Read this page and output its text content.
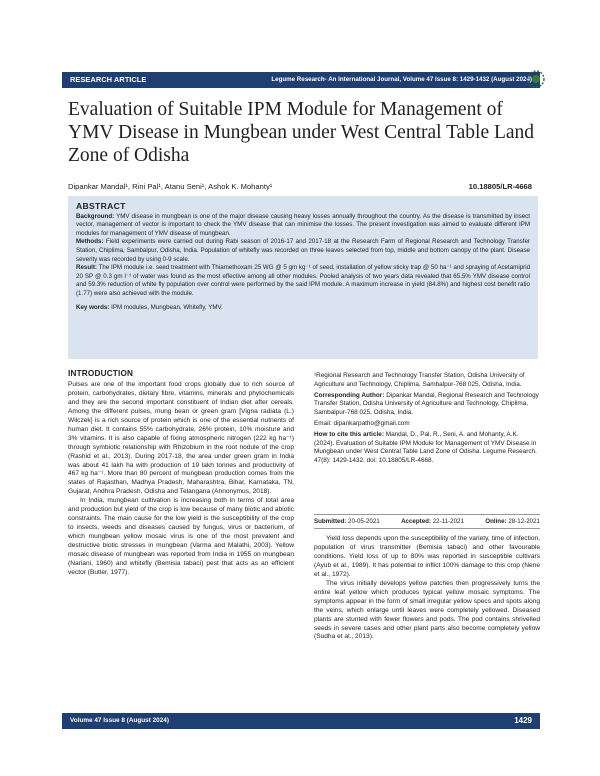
RESEARCH ARTICLE	Legume Research- An International Journal, Volume 47 Issue 8: 1429-1432 (August 2024)
Evaluation of Suitable IPM Module for Management of YMV Disease in Mungbean under West Central Table Land Zone of Odisha
Dipankar Mandal¹, Rini Pal¹, Atanu Seni¹, Ashok K. Mohanty¹	10.18805/LR-4668
ABSTRACT

Background: YMV disease in mungbean is one of the major disease causing heavy losses annually throughout the country. As the disease is transmitted by insect vector, management of vector is important to check the YMV disease that can minimise the losses. The present investigation was aimed to evaluate different IPM modules for management of YMV disease of mungbean.

Methods: Field experiments were carried out during Rabi season of 2016-17 and 2017-18 at the Research Farm of Regional Research and Technology Transfer Station, Chiplima, Sambalpur, Odisha, India. Population of whitefly was recorded on three leaves selected from top, middle and bottom canopy of the plant. Disease severity was recorded by using 0-9 scale.

Result: The IPM module i.e. seed treatment with Thiamethoxam 25 WG @ 5 gm kg⁻¹ of seed, installation of yellow sticky trap @ 50 ha⁻¹ and spraying of Acetamiprid 20 SP @ 0.3 gm l⁻¹ of water was found as the most effective among all other modules. Pooled analysis of two years data revealed that 65.5% YMV disease control and 59.3% reduction of white fly population over control were performed by the said IPM module. A maximum increase in yield (84.8%) and highest cost benefit ratio (1.77) were also achieved with the module.

Key words: IPM modules, Mungbean, Whitefly, YMV.

INTRODUCTION

Pulses are one of the important food crops globally due to rich source of protein, carbohydrates, dietary fibre, vitamins, minerals and phytochemicals and they are the second important constituent of Indian diet after cereals. Among the different pulses, mung bean or green gram [Vigna radiata (L.) Wilczek] is a rich source of protein which is one of the essential nutrients of human diet. It contains 55% carbohydrate, 26% protein, 10% moisture and 3% vitamins. It is also capable of fixing atmospheric nitrogen (222 kg ha⁻¹) through symbiotic relationship with Rhizobium in the root nodule of the crop (Rashid et al., 2013). During 2017-18, the area under green gram in India was about 41 lakh ha with production of 19 lakh tonnes and productivity of 467 kg ha⁻¹. More than 80 percent of mungbean production comes from the states of Rajasthan, Madhya Pradesh, Maharashtra, Bihar, Karnataka, TN, Gujarat, Andhra Pradesh, Odisha and Telangana (Annonymus, 2018).

In India, mungbean cultivation is increasing both in terms of total area and production but yield of the crop is low because of many biotic and abiotic constraints. The main cause for the low yield is the susceptibility of the crop to insects, weeds and diseases caused by fungus, virus or bacterium, of which mungbean yellow mosaic virus is one of the most prevalent and destructive biotic stresses in mungbean (Varma and Malathi, 2003). Yellow mosaic disease of mungbean was reported from India in 1955 on mungbean (Nariani, 1960) and whitefly (Bemisia tabaci) pest that acts as an efficient vector (Butler, 1977).

¹Regional Research and Technology Transfer Station, Odisha University of Agriculture and Technology, Chiplima, Sambalpur-768 025, Odisha, India.

Corresponding Author: Dipankar Mandal, Regional Research and Technology Transfer Station, Odisha University of Agriculture and Technology, Chiplima, Sambalpur-768 025, Odisha, India.

Email: dipankarpatho@gmail.com

How to cite this article: Mandal, D., Pal, R., Seni, A. and Mohanty, A.K. (2024). Evaluation of Suitable IPM Module for Management of YMV Disease in Mungbean under West Central Table Land Zone of Odisha. Legume Research. 47(8): 1429-1432. doi: 10.18805/LR-4668.

Submitted: 20-05-2021	Accepted: 22-11-2021	Online: 28-12-2021

Yield loss depends upon the susceptibility of the variety, time of infection, population of virus transmitter (Bemisia tabaci) and other favourable conditions. Yield loss of up to 80% was reported in susceptible cultivars (Ayub et al., 1989). It has potential to inflict 100% damage to this crop (Nene et al., 1972).

The virus initially develops yellow patches then progressively turns the entire leaf yellow which produces typical yellow mosaic symptoms. The symptoms appear in the form of small irregular yellow specs and spots along the veins, which enlarge until leaves were completely yellowed. Diseased plants are stunted with fewer flowers and pods. The pod contains shrivelled seeds in severe cases and other plant parts also become completely yellow (Sudha et al., 2013).

Volume 47 Issue 8 (August 2024)	1429
